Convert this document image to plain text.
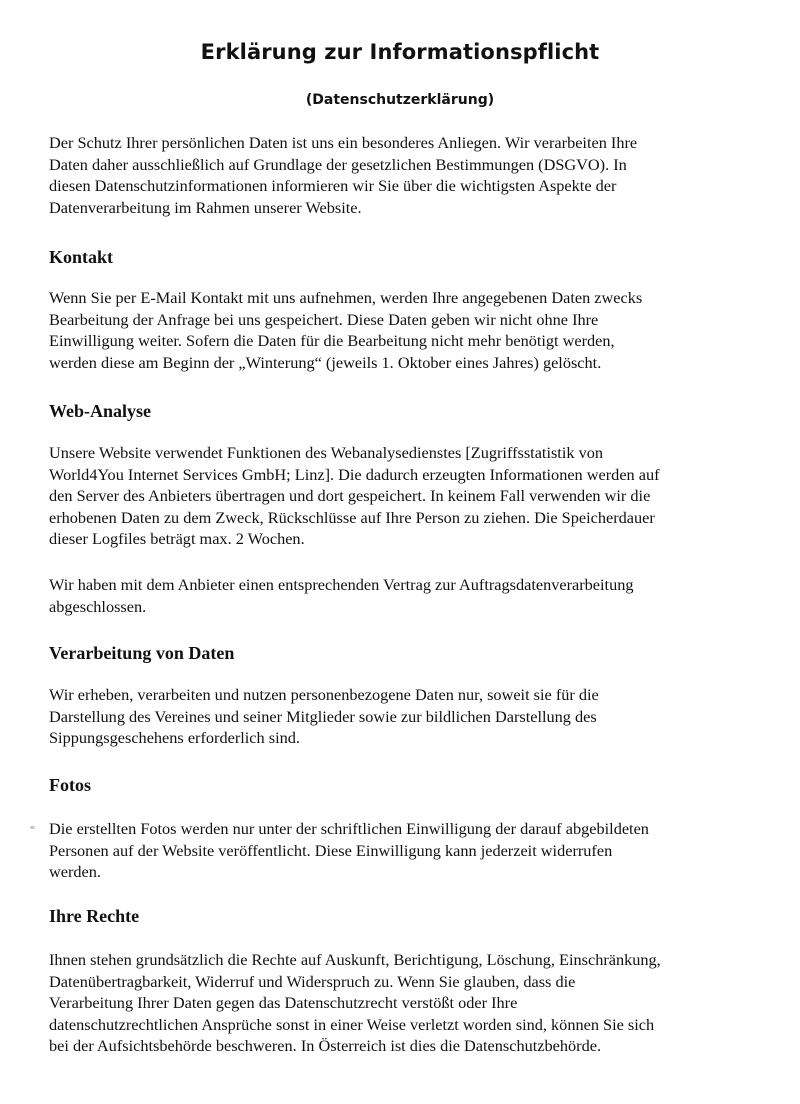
Erklärung zur Informationspflicht
(Datenschutzerklärung)

Der Schutz Ihrer persönlichen Daten ist uns ein besonderes Anliegen. Wir verarbeiten Ihre
Daten daher ausschließlich auf Grundlage der gesetzlichen Bestimmungen (DSGVO). In
diesen Datenschutzinformationen informieren wir Sie über die wichtigsten Aspekte der
Datenverarbeitung im Rahmen unserer Website.

Kontakt

Wenn Sie per E-Mail Kontakt mit uns aufnehmen, werden Ihre angegebenen Daten zwecks
Bearbeitung der Anfrage bei uns gespeichert. Diese Daten geben wir nicht ohne Ihre
Einwilligung weiter. Sofern die Daten für die Bearbeitung nicht mehr benötigt werden,
werden diese am Beginn der „Winterung“ (jeweils 1. Oktober eines Jahres) gelöscht.

Web-Analyse

Unsere Website verwendet Funktionen des Webanalysedienstes [Zugriffsstatistik von
World4You Internet Services GmbH; Linz]. Die dadurch erzeugten Informationen werden auf
den Server des Anbieters übertragen und dort gespeichert. In keinem Fall verwenden wir die
erhobenen Daten zu dem Zweck, Rückschlüsse auf Ihre Person zu ziehen. Die Speicherdauer
dieser Logfiles beträgt max. 2 Wochen.

Wir haben mit dem Anbieter einen entsprechenden Vertrag zur Auftragsdatenverarbeitung
abgeschlossen.

Verarbeitung von Daten

Wir erheben, verarbeiten und nutzen personenbezogene Daten nur, soweit sie für die
Darstellung des Vereines und seiner Mitglieder sowie zur bildlichen Darstellung des
Sippungsgeschehens erforderlich sind.

Fotos

Die erstellten Fotos werden nur unter der schriftlichen Einwilligung der darauf abgebildeten
Personen auf der Website veröffentlicht. Diese Einwilligung kann jederzeit widerrufen
werden.

Ihre Rechte

Ihnen stehen grundsätzlich die Rechte auf Auskunft, Berichtigung, Löschung, Einschränkung,
Datenübertragbarkeit, Widerruf und Widerspruch zu. Wenn Sie glauben, dass die
Verarbeitung Ihrer Daten gegen das Datenschutzrecht verstößt oder Ihre
datenschutzrechtlichen Ansprüche sonst in einer Weise verletzt worden sind, können Sie sich
bei der Aufsichtsbehörde beschweren. In Österreich ist dies die Datenschutzbehörde.
